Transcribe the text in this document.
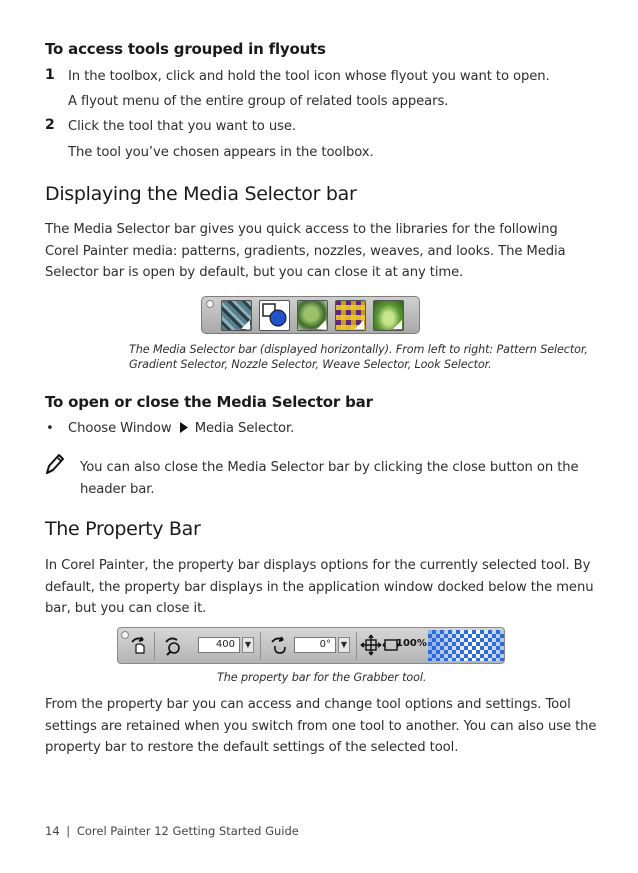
To access tools grouped in flyouts
1 In the toolbox, click and hold the tool icon whose flyout you want to open.
A flyout menu of the entire group of related tools appears.
2 Click the tool that you want to use.
The tool you’ve chosen appears in the toolbox.
Displaying the Media Selector bar
The Media Selector bar gives you quick access to the libraries for the following
Corel Painter media: patterns, gradients, nozzles, weaves, and looks. The Media
Selector bar is open by default, but you can close it at any time.
The Media Selector bar (displayed horizontally). From left to right: Pattern Selector,
Gradient Selector, Nozzle Selector, Weave Selector, Look Selector.
To open or close the Media Selector bar
• Choose Window Media Selector.
You can also close the Media Selector bar by clicking the close button on the
header bar.
The Property Bar
In Corel Painter, the property bar displays options for the currently selected tool. By
default, the property bar displays in the application window docked below the menu
bar, but you can close it.
400	▼	0°	▼	100%
The property bar for the Grabber tool.
From the property bar you can access and change tool options and settings. Tool
settings are retained when you switch from one tool to another. You can also use the
property bar to restore the default settings of the selected tool.
14 | Corel Painter 12 Getting Started Guide
